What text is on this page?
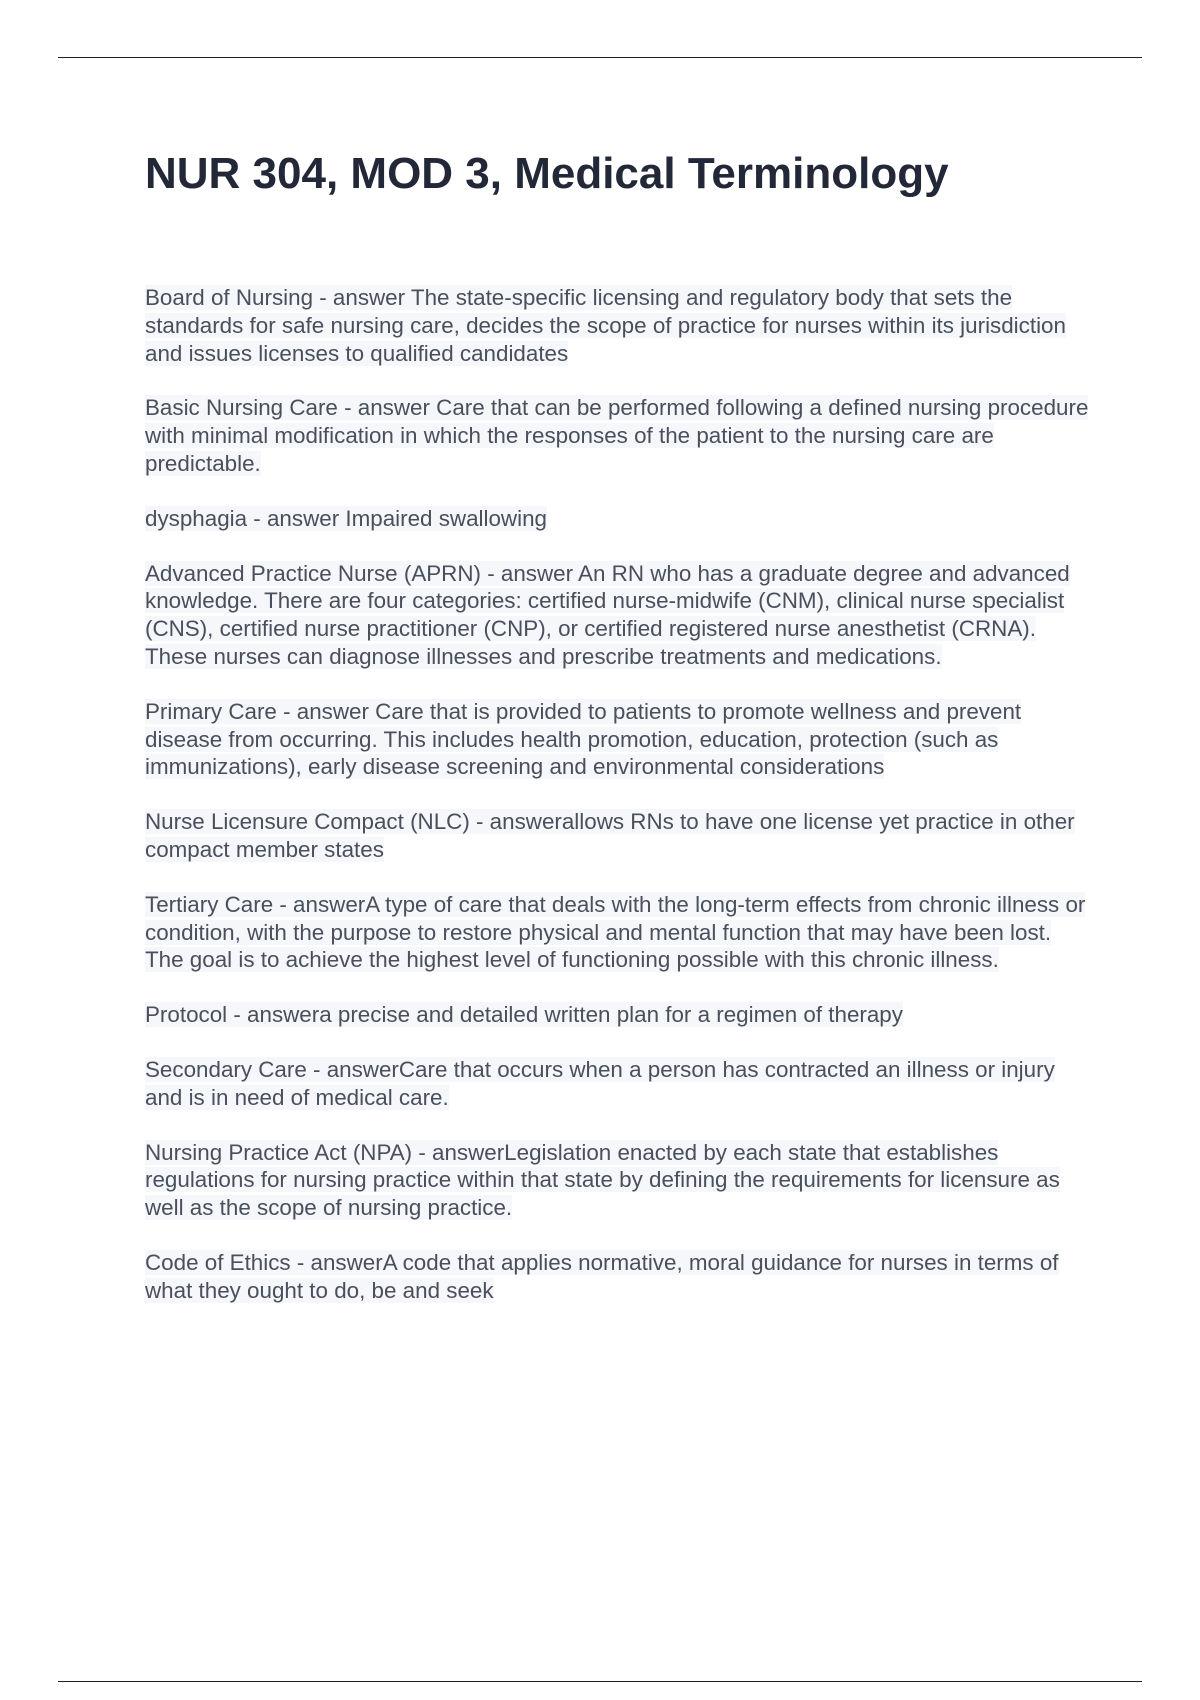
NUR 304, MOD 3, Medical Terminology

Board of Nursing - answer The state-specific licensing and regulatory body that sets the standards for safe nursing care, decides the scope of practice for nurses within its jurisdiction and issues licenses to qualified candidates

Basic Nursing Care - answer Care that can be performed following a defined nursing procedure with minimal modification in which the responses of the patient to the nursing care are predictable.

dysphagia - answer Impaired swallowing

Advanced Practice Nurse (APRN) - answer An RN who has a graduate degree and advanced knowledge. There are four categories: certified nurse-midwife (CNM), clinical nurse specialist (CNS), certified nurse practitioner (CNP), or certified registered nurse anesthetist (CRNA). These nurses can diagnose illnesses and prescribe treatments and medications.

Primary Care - answer Care that is provided to patients to promote wellness and prevent disease from occurring. This includes health promotion, education, protection (such as immunizations), early disease screening and environmental considerations

Nurse Licensure Compact (NLC) - answerallows RNs to have one license yet practice in other compact member states

Tertiary Care - answerA type of care that deals with the long-term effects from chronic illness or condition, with the purpose to restore physical and mental function that may have been lost. The goal is to achieve the highest level of functioning possible with this chronic illness.

Protocol - answera precise and detailed written plan for a regimen of therapy

Secondary Care - answerCare that occurs when a person has contracted an illness or injury and is in need of medical care.

Nursing Practice Act (NPA) - answerLegislation enacted by each state that establishes regulations for nursing practice within that state by defining the requirements for licensure as well as the scope of nursing practice.

Code of Ethics - answerA code that applies normative, moral guidance for nurses in terms of what they ought to do, be and seek
